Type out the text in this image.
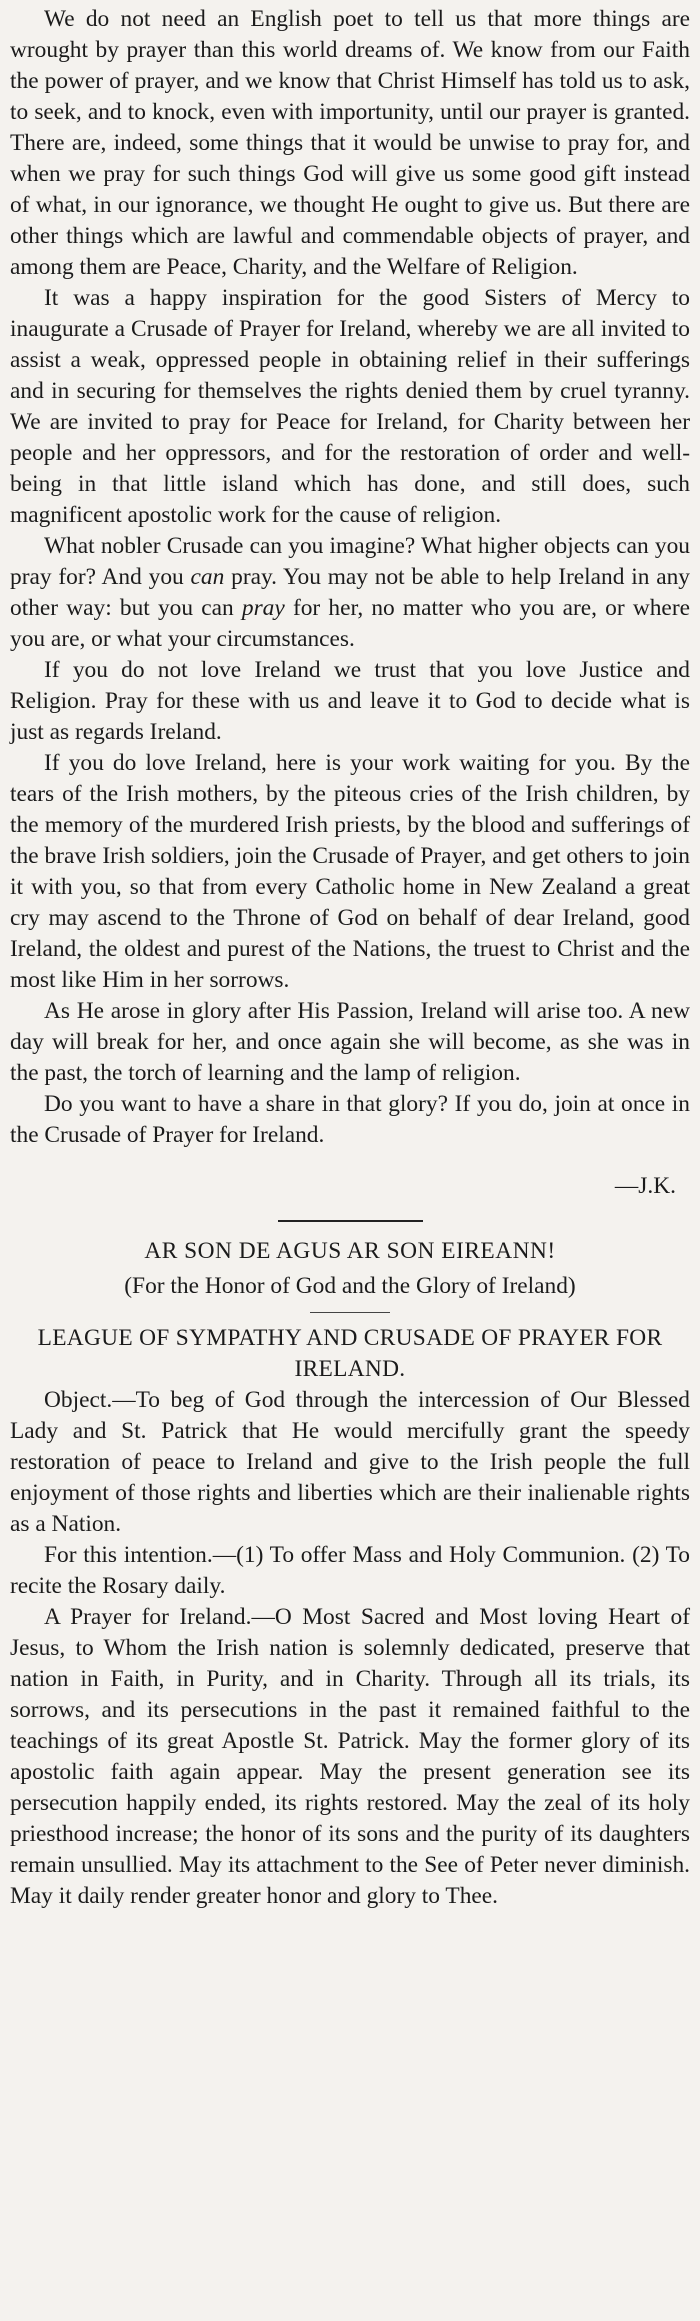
We do not need an English poet to tell us that more things are wrought by prayer than this world dreams of. We know from our Faith the power of prayer, and we know that Christ Himself has told us to ask, to seek, and to knock, even with importunity, until our prayer is granted. There are, indeed, some things that it would be unwise to pray for, and when we pray for such things God will give us some good gift instead of what, in our ignorance, we thought He ought to give us. But there are other things which are lawful and commendable objects of prayer, and among them are Peace, Charity, and the Welfare of Religion.

It was a happy inspiration for the good Sisters of Mercy to inaugurate a Crusade of Prayer for Ireland, whereby we are all invited to assist a weak, oppressed people in obtaining relief in their sufferings and in securing for themselves the rights denied them by cruel tyranny. We are invited to pray for Peace for Ireland, for Charity between her people and her oppressors, and for the restoration of order and well-being in that little island which has done, and still does, such magnificent apostolic work for the cause of religion.

What nobler Crusade can you imagine? What higher objects can you pray for? And you can pray. You may not be able to help Ireland in any other way: but you can pray for her, no matter who you are, or where you are, or what your circumstances.

If you do not love Ireland we trust that you love Justice and Religion. Pray for these with us and leave it to God to decide what is just as regards Ireland.

If you do love Ireland, here is your work waiting for you. By the tears of the Irish mothers, by the piteous cries of the Irish children, by the memory of the murdered Irish priests, by the blood and sufferings of the brave Irish soldiers, join the Crusade of Prayer, and get others to join it with you, so that from every Catholic home in New Zealand a great cry may ascend to the Throne of God on behalf of dear Ireland, good Ireland, the oldest and purest of the Nations, the truest to Christ and the most like Him in her sorrows.

As He arose in glory after His Passion, Ireland will arise too. A new day will break for her, and once again she will become, as she was in the past, the torch of learning and the lamp of religion.

Do you want to have a share in that glory? If you do, join at once in the Crusade of Prayer for Ireland.

—J.K.

AR SON DE AGUS AR SON EIREANN!

(For the Honor of God and the Glory of Ireland)

LEAGUE OF SYMPATHY AND CRUSADE OF PRAYER FOR IRELAND.

Object.—To beg of God through the intercession of Our Blessed Lady and St. Patrick that He would mercifully grant the speedy restoration of peace to Ireland and give to the Irish people the full enjoyment of those rights and liberties which are their inalienable rights as a Nation.

For this intention.—(1) To offer Mass and Holy Communion. (2) To recite the Rosary daily.

A Prayer for Ireland.—O Most Sacred and Most loving Heart of Jesus, to Whom the Irish nation is solemnly dedicated, preserve that nation in Faith, in Purity, and in Charity. Through all its trials, its sorrows, and its persecutions in the past it remained faithful to the teachings of its great Apostle St. Patrick. May the former glory of its apostolic faith again appear. May the present generation see its persecution happily ended, its rights restored. May the zeal of its holy priesthood increase; the honor of its sons and the purity of its daughters remain unsullied. May its attachment to the See of Peter never diminish. May it daily render greater honor and glory to Thee.
